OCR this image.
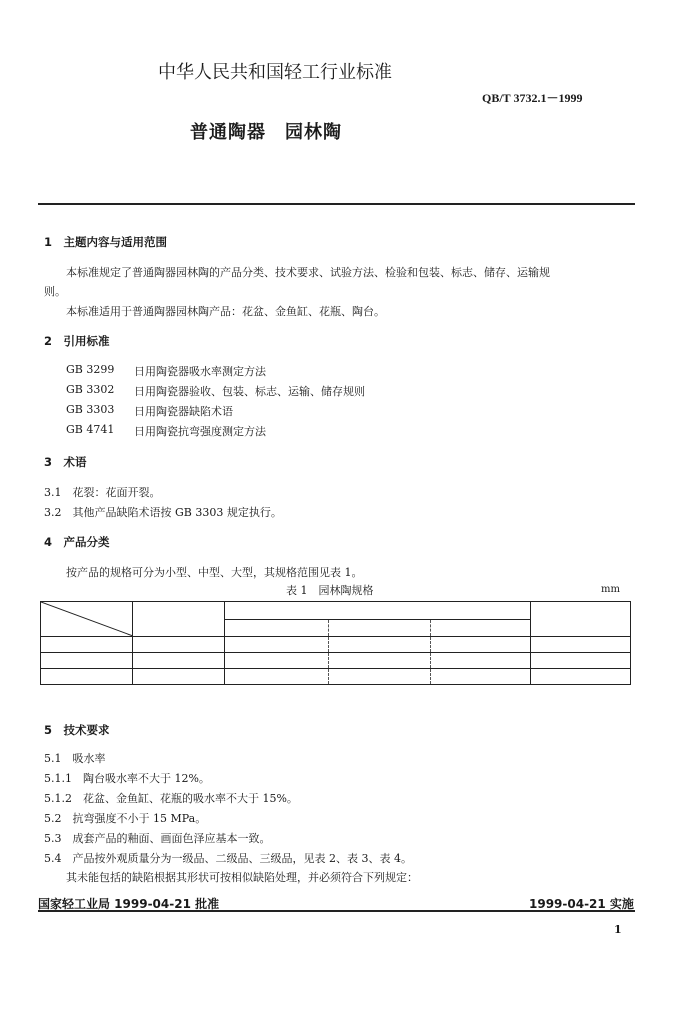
中华人民共和国轻工行业标准
QB/T 3732.1－1999
普通陶器　园林陶
1　主题内容与适用范围
本标准规定了普通陶器园林陶的产品分类、技术要求、试验方法、检验和包装、标志、储存、运输规
则。
本标准适用于普通陶器园林陶产品：花盆、金鱼缸、花瓶、陶台。
2　引用标准
GB 3299 日用陶瓷器吸水率测定方法
GB 3302 日用陶瓷器验收、包装、标志、运输、储存规则
GB 3303 日用陶瓷器缺陷术语
GB 4741 日用陶瓷抗弯强度测定方法
3　术语
3.1　花裂：花面开裂。
3.2　其他产品缺陷术语按 GB 3303 规定执行。
4　产品分类
按产品的规格可分为小型、中型、大型，其规格范围见表 1。
表 1　园林陶规格	mm

5　技术要求
5.1　吸水率
5.1.1　陶台吸水率不大于 12%。
5.1.2　花盆、金鱼缸、花瓶的吸水率不大于 15%。
5.2　抗弯强度不小于 15 MPa。
5.3　成套产品的釉面、画面色泽应基本一致。
5.4　产品按外观质量分为一级品、二级品、三级品，见表 2、表 3、表 4。
其未能包括的缺陷根据其形状可按相似缺陷处理，并必须符合下列规定：
国家轻工业局 1999-04-21 批准	1999-04-21 实施
1
